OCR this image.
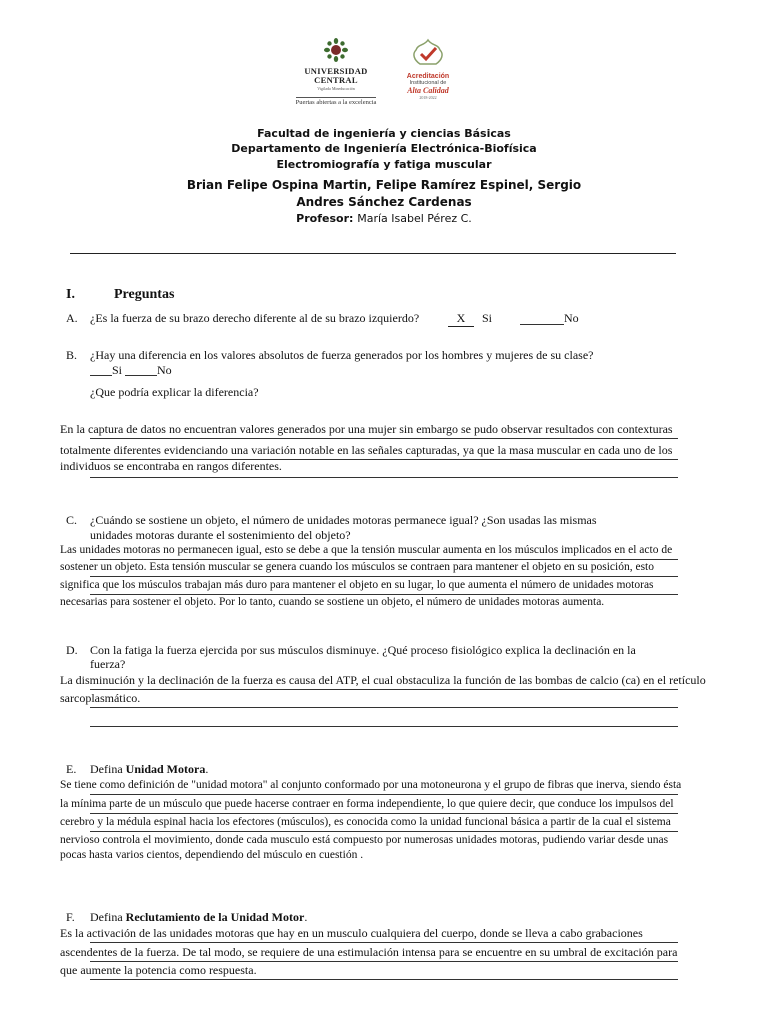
UNIVERSIDAD
CENTRAL
Vigilada Mineducación
Puertas abiertas a la excelencia
Acreditación
Institucional de
Alta Calidad
2018-2022
Facultad de ingeniería y ciencias Básicas
Departamento de Ingeniería Electrónica-Biofísica
Electromiografía y fatiga muscular
Brian Felipe Ospina Martin, Felipe Ramírez Espinel, Sergio
Andres Sánchez Cardenas
Profesor: María Isabel Pérez C.
I.	Preguntas
A. ¿Es la fuerza de su brazo derecho diferente al de su brazo izquierdo?	X	Si	No
B. ¿Hay una diferencia en los valores absolutos de fuerza generados por los hombres y mujeres de su clase?
Si	No
¿Que podría explicar la diferencia?
En la captura de datos no encuentran valores generados por una mujer sin embargo se pudo observar resultados con contexturas
totalmente diferentes evidenciando una variación notable en las señales capturadas, ya que la masa muscular en cada uno de los
individuos se encontraba en rangos diferentes.
C. ¿Cuándo se sostiene un objeto, el número de unidades motoras permanece igual? ¿Son usadas las mismas
unidades motoras durante el sostenimiento del objeto?
Las unidades motoras no permanecen igual, esto se debe a que la tensión muscular aumenta en los músculos implicados en el acto de
sostener un objeto. Esta tensión muscular se genera cuando los músculos se contraen para mantener el objeto en su posición, esto
significa que los músculos trabajan más duro para mantener el objeto en su lugar, lo que aumenta el número de unidades motoras
necesarias para sostener el objeto. Por lo tanto, cuando se sostiene un objeto, el número de unidades motoras aumenta.
D. Con la fatiga la fuerza ejercida por sus músculos disminuye. ¿Qué proceso fisiológico explica la declinación en la
fuerza?
La disminución y la declinación de la fuerza es causa del ATP, el cual obstaculiza la función de las bombas de calcio (ca) en el retículo
sarcoplasmático.
E. Defina Unidad Motora.
Se tiene como definición de "unidad motora" al conjunto conformado por una motoneurona y el grupo de fibras que inerva, siendo ésta
la mínima parte de un músculo que puede hacerse contraer en forma independiente, lo que quiere decir, que conduce los impulsos del
cerebro y la médula espinal hacia los efectores (músculos), es conocida como la unidad funcional básica a partir de la cual el sistema
nervioso controla el movimiento, donde cada musculo está compuesto por numerosas unidades motoras, pudiendo variar desde unas
pocas hasta varios cientos, dependiendo del músculo en cuestión .
F. Defina Reclutamiento de la Unidad Motor.
Es la activación de las unidades motoras que hay en un musculo cualquiera del cuerpo, donde se lleva a cabo grabaciones
ascendentes de la fuerza. De tal modo, se requiere de una estimulación intensa para se encuentre en su umbral de excitación para
que aumente la potencia como respuesta.
